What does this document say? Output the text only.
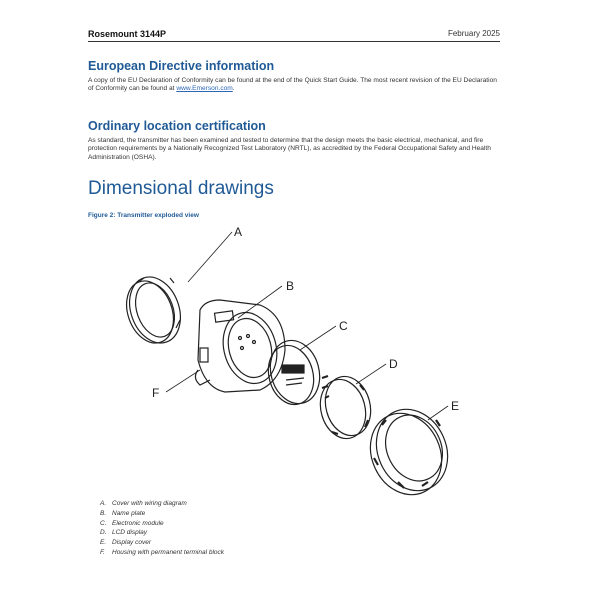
Rosemount 3144P	February 2025
European Directive information
A copy of the EU Declaration of Conformity can be found at the end of the Quick Start Guide. The most recent revision of the EU Declaration of Conformity can be found at www.Emerson.com.
Ordinary location certification
As standard, the transmitter has been examined and tested to determine that the design meets the basic electrical, mechanical, and fire protection requirements by a Nationally Recognized Test Laboratory (NRTL), as accredited by the Federal Occupational Safety and Health Administration (OSHA).
Dimensional drawings
Figure 2: Transmitter exploded view
A
B
C
D
E
F
A. Cover with wiring diagram
B. Name plate
C. Electronic module
D. LCD display
E. Display cover
F. Housing with permanent terminal block
